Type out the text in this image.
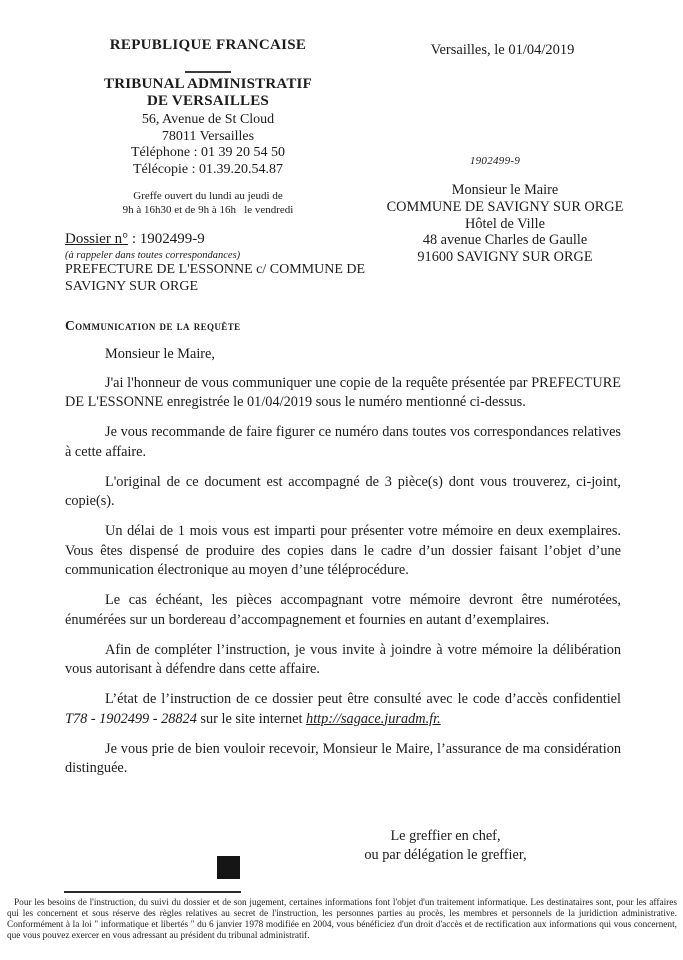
REPUBLIQUE FRANCAISE
TRIBUNAL ADMINISTRATIF
DE VERSAILLES
56, Avenue de St Cloud
78011 Versailles
Téléphone : 01 39 20 54 50
Télécopie : 01.39.20.54.87
Greffe ouvert du lundi au jeudi de
9h à 16h30 et de 9h à 16h   le vendredi
Versailles, le 01/04/2019
1902499-9
Monsieur le Maire
COMMUNE DE SAVIGNY SUR ORGE
Hôtel de Ville
48 avenue Charles de Gaulle
91600 SAVIGNY SUR ORGE
Dossier n° : 1902499-9
(à rappeler dans toutes correspondances)
PREFECTURE DE L'ESSONNE c/ COMMUNE DE
SAVIGNY SUR ORGE
Communication de la requête

Monsieur le Maire,

J'ai l'honneur de vous communiquer une copie de la requête présentée par PREFECTURE DE L'ESSONNE enregistrée le 01/04/2019 sous le numéro mentionné ci-dessus.

Je vous recommande de faire figurer ce numéro dans toutes vos correspondances relatives à cette affaire.

L'original de ce document est accompagné de 3 pièce(s) dont vous trouverez, ci-joint, copie(s).

Un délai de 1 mois vous est imparti pour présenter votre mémoire en deux exemplaires. Vous êtes dispensé de produire des copies dans le cadre d’un dossier faisant l’objet d’une communication électronique au moyen d’une téléprocédure.

Le cas échéant, les pièces accompagnant votre mémoire devront être numérotées, énumérées sur un bordereau d’accompagnement et fournies en autant d’exemplaires.

Afin de compléter l’instruction, je vous invite à joindre à votre mémoire la délibération vous autorisant à défendre dans cette affaire.

L’état de l’instruction de ce dossier peut être consulté avec le code d’accès confidentiel T78 - 1902499 - 28824 sur le site internet http://sagace.juradm.fr.

Je vous prie de bien vouloir recevoir, Monsieur le Maire, l’assurance de ma considération distinguée.

Le greffier en chef,
ou par délégation le greffier,
Pour les besoins de l'instruction, du suivi du dossier et de son jugement, certaines informations font l'objet d'un traitement informatique. Les destinataires sont, pour les affaires qui les concernent et sous réserve des règles relatives au secret de l'instruction, les personnes parties au procès, les membres et personnels de la juridiction administrative. Conformément à la loi " informatique et libertés " du 6 janvier 1978 modifiée en 2004, vous bénéficiez d'un droit d'accès et de rectification aux informations qui vous concernent, que vous pouvez exercer en vous adressant au président du tribunal administratif.
